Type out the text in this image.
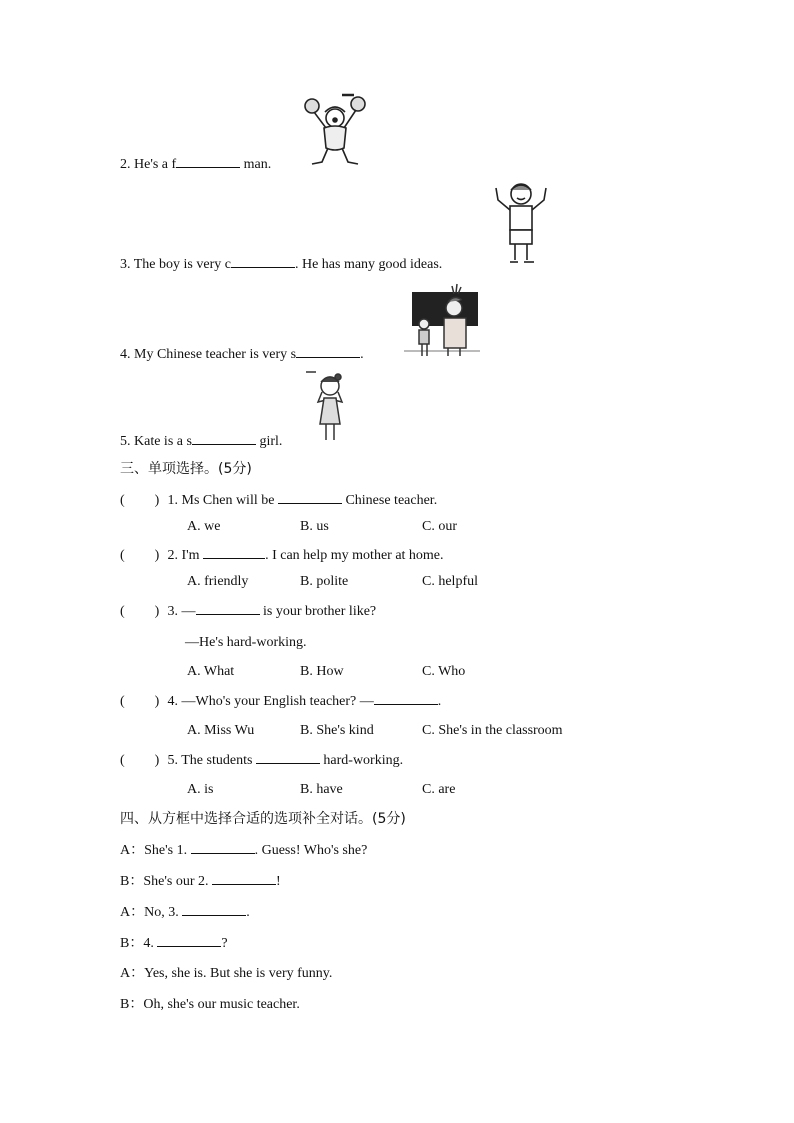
2. He's a f	man.
3. The boy is very c	. He has many good ideas.
4. My Chinese teacher is very s	.
5. Kate is a s	girl.
三、单项选择。(5分)
( ) 1. Ms Chen will be	Chinese teacher.
A. we	B. us	C. our
( ) 2. I'm	. I can help my mother at home.
A. friendly	B. polite	C. helpful
( ) 3. —	is your brother like?
—He's hard-working.
A. What	B. How	C. Who
( ) 4. —Who's your English teacher? —	.
A. Miss Wu	B. She's kind	C. She's in the classroom
( ) 5. The students	hard-working.
A. is	B. have	C. are
四、从方框中选择合适的选项补全对话。(5分)
A：She's 1.	. Guess! Who's she?
B：She's our 2.	!
A：No, 3.	.
B：4.	?
A：Yes, she is. But she is very funny.
B：Oh, she's our music teacher.
